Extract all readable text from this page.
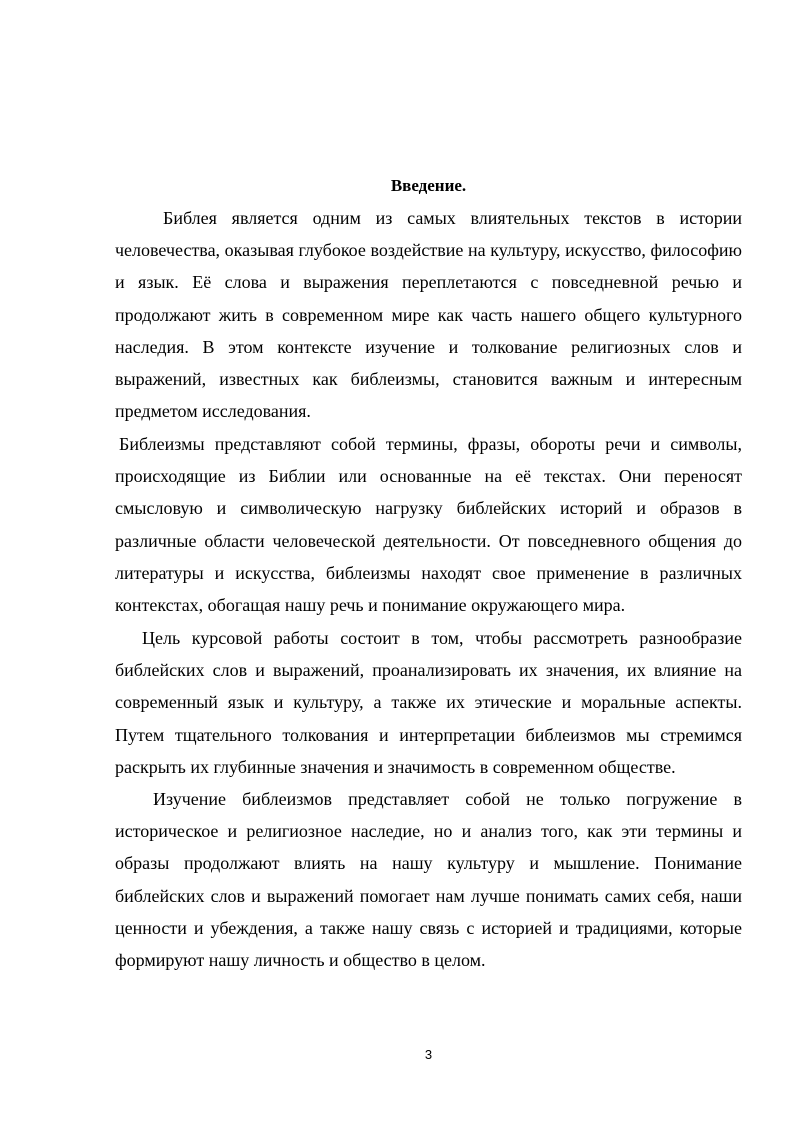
Введение.

Библея является одним из самых влиятельных текстов в истории человечества, оказывая глубокое воздействие на культуру, искусство, философию и язык. Её слова и выражения переплетаются с повседневной речью и продолжают жить в современном мире как часть нашего общего культурного наследия. В этом контексте изучение и толкование религиозных слов и выражений, известных как библеизмы, становится важным и интересным предметом исследования.

Библеизмы представляют собой термины, фразы, обороты речи и символы, происходящие из Библии или основанные на её текстах. Они переносят смысловую и символическую нагрузку библейских историй и образов в различные области человеческой деятельности. От повседневного общения до литературы и искусства, библеизмы находят свое применение в различных контекстах, обогащая нашу речь и понимание окружающего мира.

Цель курсовой работы состоит в том, чтобы рассмотреть разнообразие библейских слов и выражений, проанализировать их значения, их влияние на современный язык и культуру, а также их этические и моральные аспекты. Путем тщательного толкования и интерпретации библеизмов мы стремимся раскрыть их глубинные значения и значимость в современном обществе.

Изучение библеизмов представляет собой не только погружение в историческое и религиозное наследие, но и анализ того, как эти термины и образы продолжают влиять на нашу культуру и мышление. Понимание библейских слов и выражений помогает нам лучше понимать самих себя, наши ценности и убеждения, а также нашу связь с историей и традициями, которые формируют нашу личность и общество в целом.

3
